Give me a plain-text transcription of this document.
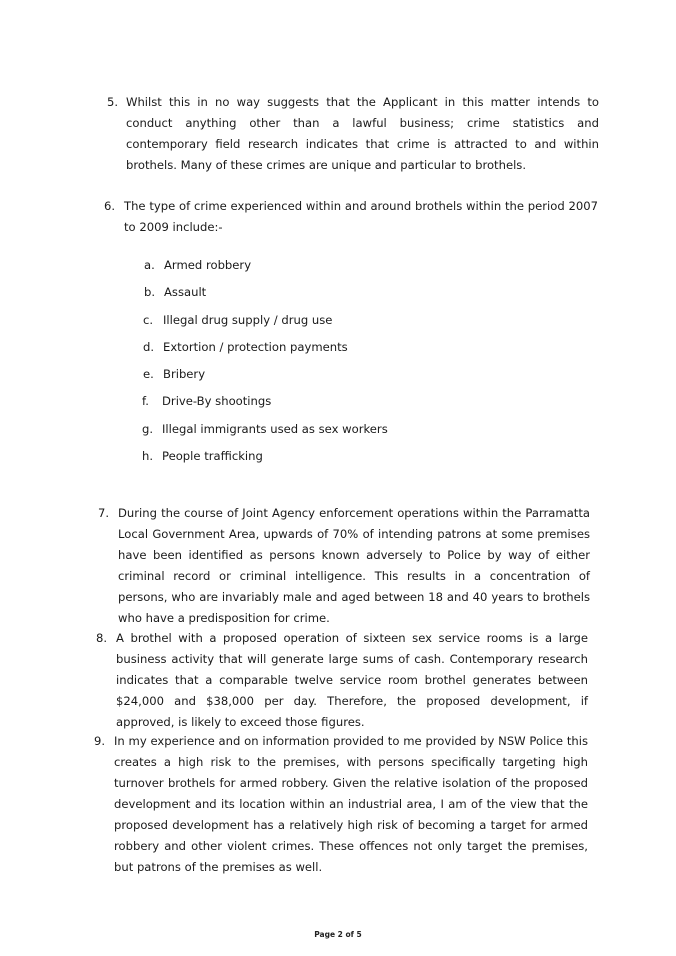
5. Whilst this in no way suggests that the Applicant in this matter intends to conduct anything other than a lawful business; crime statistics and contemporary field research indicates that crime is attracted to and within brothels. Many of these crimes are unique and particular to brothels.
6. The type of crime experienced within and around brothels within the period 2007 to 2009 include:-
a. Armed robbery
b. Assault
c. Illegal drug supply / drug use
d. Extortion / protection payments
e. Bribery
f. Drive-By shootings
g. Illegal immigrants used as sex workers
h. People trafficking
7. During the course of Joint Agency enforcement operations within the Parramatta Local Government Area, upwards of 70% of intending patrons at some premises have been identified as persons known adversely to Police by way of either criminal record or criminal intelligence. This results in a concentration of persons, who are invariably male and aged between 18 and 40 years to brothels who have a predisposition for crime.
8. A brothel with a proposed operation of sixteen sex service rooms is a large business activity that will generate large sums of cash. Contemporary research indicates that a comparable twelve service room brothel generates between $24,000 and $38,000 per day. Therefore, the proposed development, if approved, is likely to exceed those figures.
9. In my experience and on information provided to me provided by NSW Police this creates a high risk to the premises, with persons specifically targeting high turnover brothels for armed robbery. Given the relative isolation of the proposed development and its location within an industrial area, I am of the view that the proposed development has a relatively high risk of becoming a target for armed robbery and other violent crimes. These offences not only target the premises, but patrons of the premises as well.
Page 2 of 5
